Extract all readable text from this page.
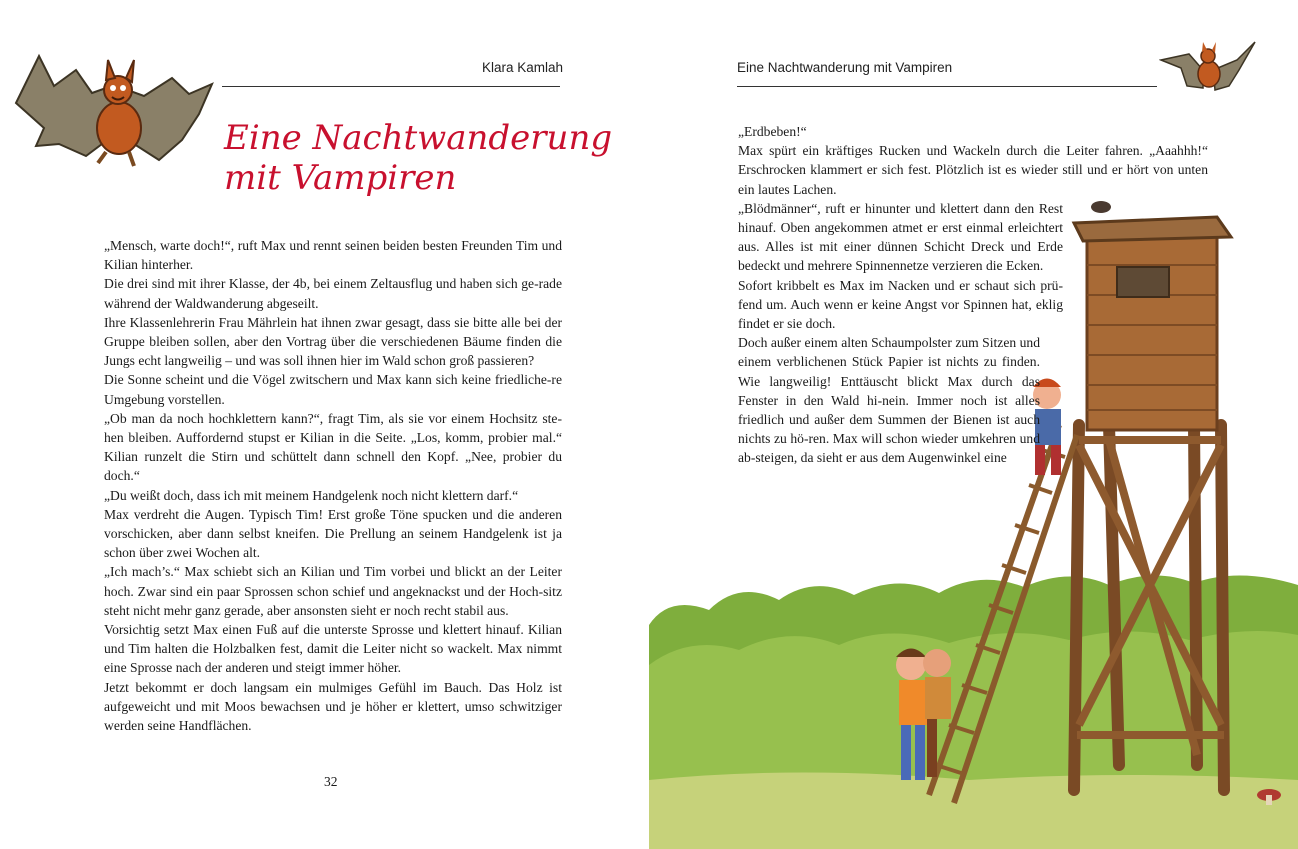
Klara Kamlah
Eine Nachtwanderung
mit Vampiren

„Mensch, warte doch!“, ruft Max und rennt seinen beiden besten Freunden Tim und Kilian hinterher.

Die drei sind mit ihrer Klasse, der 4b, bei einem Zeltausflug und haben sich ge-rade während der Waldwanderung abgeseilt.

Ihre Klassenlehrerin Frau Mährlein hat ihnen zwar gesagt, dass sie bitte alle bei der Gruppe bleiben sollen, aber den Vortrag über die verschiedenen Bäume finden die Jungs echt langweilig – und was soll ihnen hier im Wald schon groß passieren?

Die Sonne scheint und die Vögel zwitschern und Max kann sich keine friedliche-re Umgebung vorstellen.

„Ob man da noch hochklettern kann?“, fragt Tim, als sie vor einem Hochsitz ste-hen bleiben. Auffordernd stupst er Kilian in die Seite. „Los, komm, probier mal.“ Kilian runzelt die Stirn und schüttelt dann schnell den Kopf. „Nee, probier du doch.“

„Du weißt doch, dass ich mit meinem Handgelenk noch nicht klettern darf.“

Max verdreht die Augen. Typisch Tim! Erst große Töne spucken und die anderen vorschicken, aber dann selbst kneifen. Die Prellung an seinem Handgelenk ist ja schon über zwei Wochen alt.

„Ich mach’s.“ Max schiebt sich an Kilian und Tim vorbei und blickt an der Leiter hoch. Zwar sind ein paar Sprossen schon schief und angeknackst und der Hoch-sitz steht nicht mehr ganz gerade, aber ansonsten sieht er noch recht stabil aus.

Vorsichtig setzt Max einen Fuß auf die unterste Sprosse und klettert hinauf. Kilian und Tim halten die Holzbalken fest, damit die Leiter nicht so wackelt. Max nimmt eine Sprosse nach der anderen und steigt immer höher.

Jetzt bekommt er doch langsam ein mulmiges Gefühl im Bauch. Das Holz ist aufgeweicht und mit Moos bewachsen und je höher er klettert, umso schwitziger werden seine Handflächen.

32
Eine Nachtwanderung mit Vampiren

„Erdbeben!“

Max spürt ein kräftiges Rucken und Wackeln durch die Leiter fahren. „Aaahhh!“ Erschrocken klammert er sich fest. Plötzlich ist es wieder still und er hört von unten ein lautes Lachen.

„Blödmänner“, ruft er hinunter und klettert dann den Rest hinauf. Oben angekommen atmet er erst einmal erleichtert aus. Alles ist mit einer dünnen Schicht Dreck und Erde bedeckt und mehrere Spinnennetze verzieren die Ecken.

Sofort kribbelt es Max im Nacken und er schaut sich prü-fend um. Auch wenn er keine Angst vor Spinnen hat, eklig findet er sie doch.

Doch außer einem alten Schaumpolster zum Sitzen und einem verblichenen Stück Papier ist nichts zu finden. Wie langweilig! Enttäuscht blickt Max durch das Fenster in den Wald hi-nein. Immer noch ist alles friedlich und außer dem Summen der Bienen ist auch nichts zu hö-ren. Max will schon wieder umkehren und ab-steigen, da sieht er aus dem Augenwinkel eine
